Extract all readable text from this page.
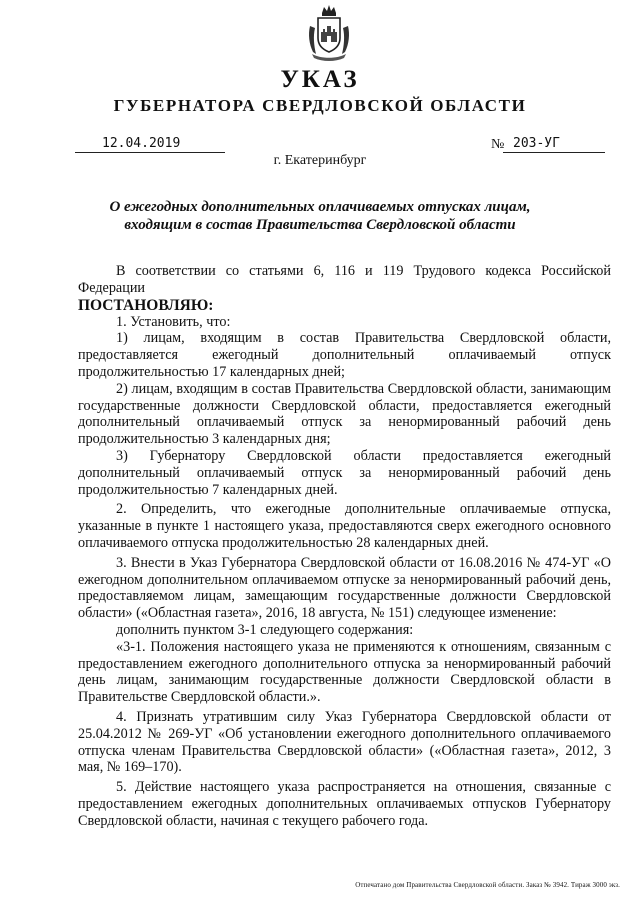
УКАЗ
ГУБЕРНАТОРА СВЕРДЛОВСКОЙ ОБЛАСТИ
12.04.2019	№ 203-УГ
г. Екатеринбург
О ежегодных дополнительных оплачиваемых отпусках лицам,
входящим в состав Правительства Свердловской области

В соответствии со статьями 6, 116 и 119 Трудового кодекса Российской Федерации

ПОСТАНОВЛЯЮ:

1. Установить, что:

1) лицам, входящим в состав Правительства Свердловской области, предоставляется ежегодный дополнительный оплачиваемый отпуск продолжительностью 17 календарных дней;

2) лицам, входящим в состав Правительства Свердловской области, занимающим государственные должности Свердловской области, предоставляется ежегодный дополнительный оплачиваемый отпуск за ненормированный рабочий день продолжительностью 3 календарных дня;

3) Губернатору Свердловской области предоставляется ежегодный дополнительный оплачиваемый отпуск за ненормированный рабочий день продолжительностью 7 календарных дней.

2. Определить, что ежегодные дополнительные оплачиваемые отпуска, указанные в пункте 1 настоящего указа, предоставляются сверх ежегодного основного оплачиваемого отпуска продолжительностью 28 календарных дней.

3. Внести в Указ Губернатора Свердловской области от 16.08.2016 № 474-УГ «О ежегодном дополнительном оплачиваемом отпуске за ненормированный рабочий день, предоставляемом лицам, замещающим государственные должности Свердловской области» («Областная газета», 2016, 18 августа, № 151) следующее изменение:

дополнить пунктом 3-1 следующего содержания:

«3-1. Положения настоящего указа не применяются к отношениям, связанным с предоставлением ежегодного дополнительного отпуска за ненормированный рабочий день лицам, занимающим государственные должности Свердловской области в Правительстве Свердловской области.».

4. Признать утратившим силу Указ Губернатора Свердловской области от 25.04.2012 № 269-УГ «Об установлении ежегодного дополнительного оплачиваемого отпуска членам Правительства Свердловской области» («Областная газета», 2012, 3 мая, № 169–170).

5. Действие настоящего указа распространяется на отношения, связанные с предоставлением ежегодных дополнительных оплачиваемых отпусков Губернатору Свердловской области, начиная с текущего рабочего года.

Отпечатано дом Правительства Свердловской области. Заказ № 3942. Тираж 3000 экз.
